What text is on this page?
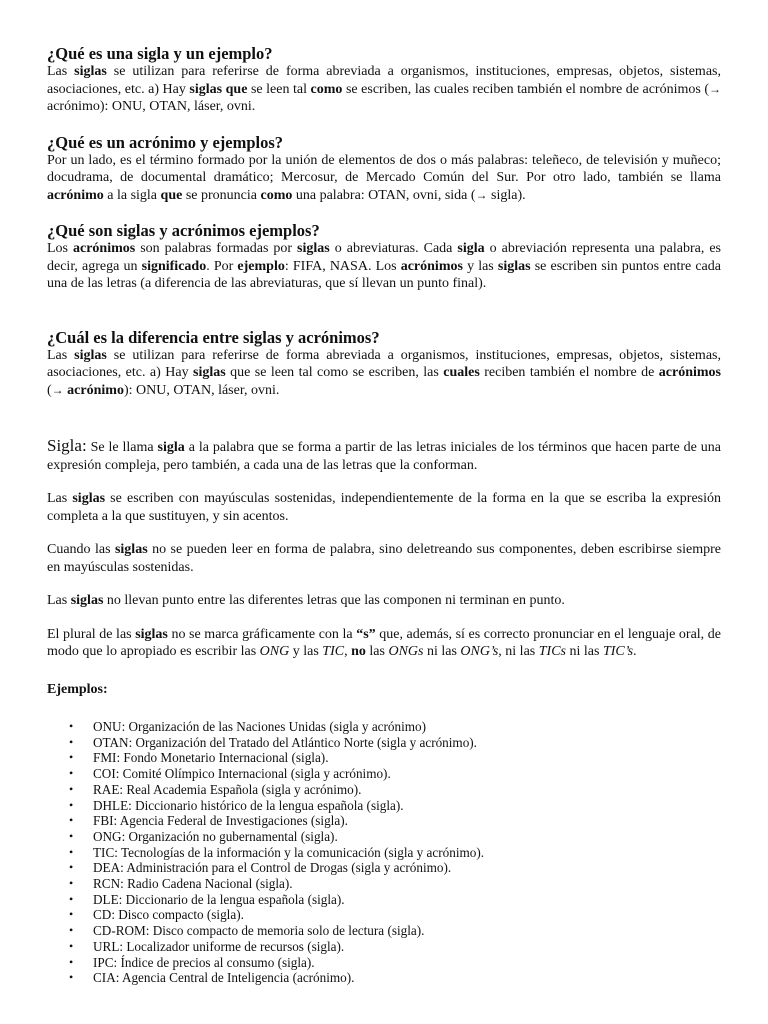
¿Qué es una sigla y un ejemplo?

Las siglas se utilizan para referirse de forma abreviada a organismos, instituciones, empresas, objetos, sistemas, asociaciones, etc. a) Hay siglas que se leen tal como se escriben, las cuales reciben también el nombre de acrónimos (→ acrónimo): ONU, OTAN, láser, ovni.

¿Qué es un acrónimo y ejemplos?

Por un lado, es el término formado por la unión de elementos de dos o más palabras: teleñeco, de televisión y muñeco; docudrama, de documental dramático; Mercosur, de Mercado Común del Sur. Por otro lado, también se llama acrónimo a la sigla que se pronuncia como una palabra: OTAN, ovni, sida (→ sigla).

¿Qué son siglas y acrónimos ejemplos?

Los acrónimos son palabras formadas por siglas o abreviaturas. Cada sigla o abreviación representa una palabra, es decir, agrega un significado. Por ejemplo: FIFA, NASA. Los acrónimos y las siglas se escriben sin puntos entre cada una de las letras (a diferencia de las abreviaturas, que sí llevan un punto final).

¿Cuál es la diferencia entre siglas y acrónimos?

Las siglas se utilizan para referirse de forma abreviada a organismos, instituciones, empresas, objetos, sistemas, asociaciones, etc. a) Hay siglas que se leen tal como se escriben, las cuales reciben también el nombre de acrónimos (→ acrónimo): ONU, OTAN, láser, ovni.

Sigla: Se le llama sigla a la palabra que se forma a partir de las letras iniciales de los términos que hacen parte de una expresión compleja, pero también, a cada una de las letras que la conforman.

Las siglas se escriben con mayúsculas sostenidas, independientemente de la forma en la que se escriba la expresión completa a la que sustituyen, y sin acentos.

Cuando las siglas no se pueden leer en forma de palabra, sino deletreando sus componentes, deben escribirse siempre en mayúsculas sostenidas.

Las siglas no llevan punto entre las diferentes letras que las componen ni terminan en punto.

El plural de las siglas no se marca gráficamente con la “s” que, además, sí es correcto pronunciar en el lenguaje oral, de modo que lo apropiado es escribir las ONG y las TIC, no las ONGs ni las ONG’s, ni las TICs ni las TIC’s.

Ejemplos:
• ONU: Organización de las Naciones Unidas (sigla y acrónimo)
• OTAN: Organización del Tratado del Atlántico Norte (sigla y acrónimo).
• FMI: Fondo Monetario Internacional (sigla).
• COI: Comité Olímpico Internacional (sigla y acrónimo).
• RAE: Real Academia Española (sigla y acrónimo).
• DHLE: Diccionario histórico de la lengua española (sigla).
• FBI: Agencia Federal de Investigaciones (sigla).
• ONG: Organización no gubernamental (sigla).
• TIC: Tecnologías de la información y la comunicación (sigla y acrónimo).
• DEA: Administración para el Control de Drogas (sigla y acrónimo).
• RCN: Radio Cadena Nacional (sigla).
• DLE: Diccionario de la lengua española (sigla).
• CD: Disco compacto (sigla).
• CD-ROM: Disco compacto de memoria solo de lectura (sigla).
• URL: Localizador uniforme de recursos (sigla).
• IPC: Índice de precios al consumo (sigla).
• CIA: Agencia Central de Inteligencia (acrónimo).
